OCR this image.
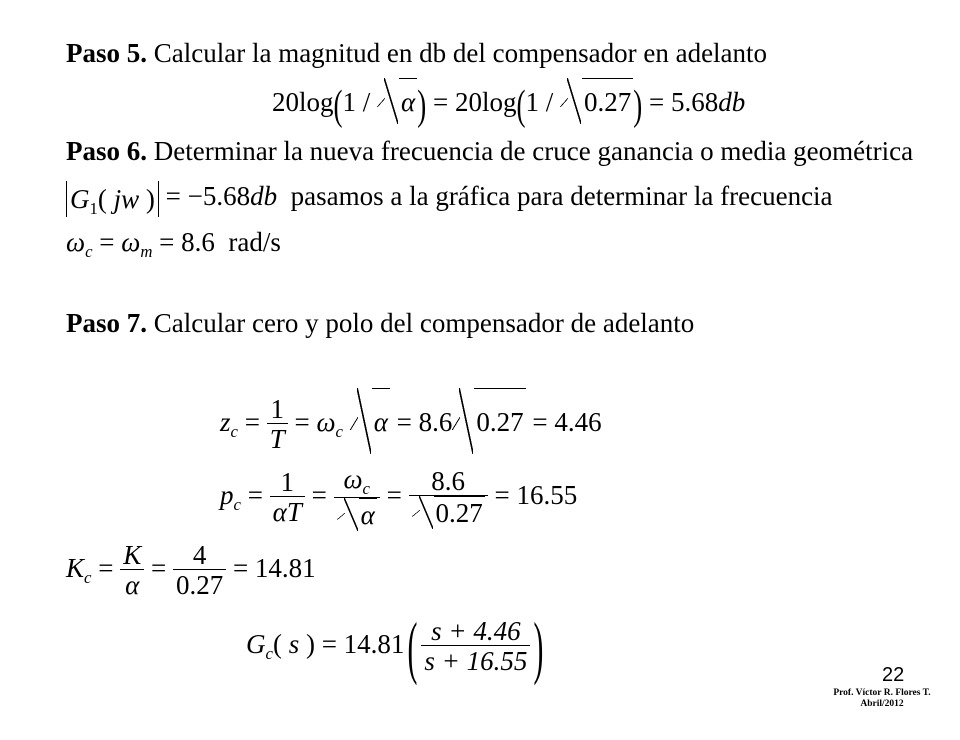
Paso 5. Calcular la magnitud en db del compensador en adelanto
20log(1 / α) = 20log(1 / 0.27) = 5.68db
Paso 6. Determinar la nueva frecuencia de cruce ganancia o media geométrica
$G_1$( jw ) = −5.68db pasamos a la gráfica para determinar la frecuencia
$\omega_c = \omega_m = 8.6$ rad/s
Paso 7. Calcular cero y polo del compensador de adelanto
$z_c = \frac{1}{T} = \omega_c$ α = 8.6 0.27 = 4.46
$p_c = \frac{1}{\alpha T} = \frac{\omega_c}{\alpha} = \frac{8.6}{0.27} = 16.55$
$K_c = \frac{K}{\alpha} = \frac{4}{0.27} = 14.81$
$G_c$( s ) = 14.81 ( $\frac{s + 4.46}{s + 16.55}$ )	22
Prof. Víctor R. Flores T.
Abril/2012
